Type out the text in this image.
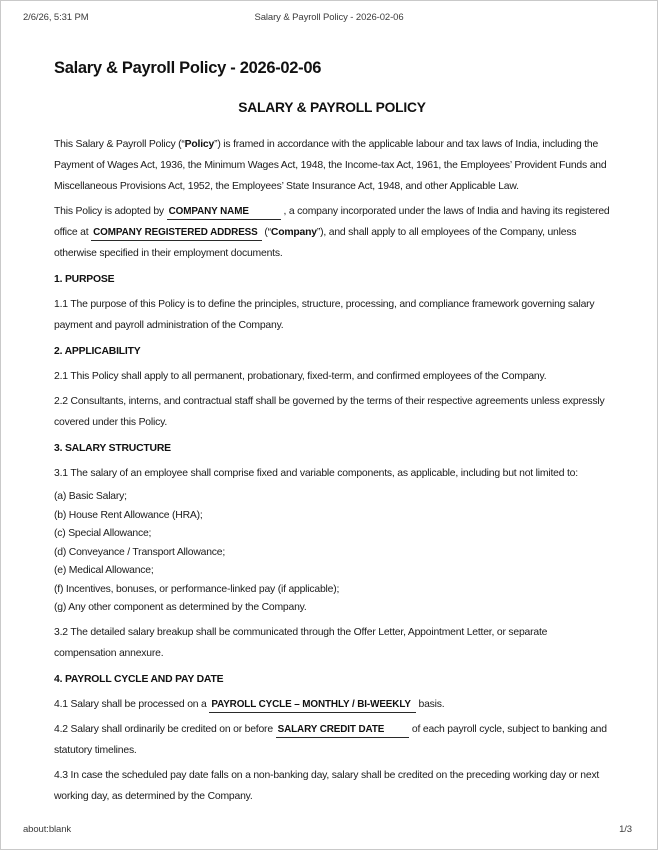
Salary & Payroll Policy - 2026-02-06
2/6/26, 5:31 PM
Salary & Payroll Policy - 2026-02-06
SALARY & PAYROLL POLICY

This Salary & Payroll Policy (“Policy”) is framed in accordance with the applicable labour and tax laws of India, including the Payment of Wages Act, 1936, the Minimum Wages Act, 1948, the Income-tax Act, 1961, the Employees’ Provident Funds and Miscellaneous Provisions Act, 1952, the Employees’ State Insurance Act, 1948, and other Applicable Law.

This Policy is adopted by COMPANY NAME	, a company incorporated under the laws of India and having its registered office at COMPANY REGISTERED ADDRESS (“Company”), and shall apply to all employees of the Company, unless otherwise specified in their employment documents.

1. PURPOSE

1.1 The purpose of this Policy is to define the principles, structure, processing, and compliance framework governing salary payment and payroll administration of the Company.

2. APPLICABILITY

2.1 This Policy shall apply to all permanent, probationary, fixed-term, and confirmed employees of the Company.

2.2 Consultants, interns, and contractual staff shall be governed by the terms of their respective agreements unless expressly covered under this Policy.

3. SALARY STRUCTURE

3.1 The salary of an employee shall comprise fixed and variable components, as applicable, including but not limited to:

(a) Basic Salary;

(b) House Rent Allowance (HRA);

(c) Special Allowance;

(d) Conveyance / Transport Allowance;

(e) Medical Allowance;

(f) Incentives, bonuses, or performance-linked pay (if applicable);

(g) Any other component as determined by the Company.

3.2 The detailed salary breakup shall be communicated through the Offer Letter, Appointment Letter, or separate compensation annexure.

4. PAYROLL CYCLE AND PAY DATE

4.1 Salary shall be processed on a PAYROLL CYCLE – MONTHLY / BI-WEEKLY basis.

4.2 Salary shall ordinarily be credited on or before SALARY CREDIT DATE of each payroll cycle, subject to banking and statutory timelines.

4.3 In case the scheduled pay date falls on a non-banking day, salary shall be credited on the preceding working day or next working day, as determined by the Company.

about:blank	1/3
